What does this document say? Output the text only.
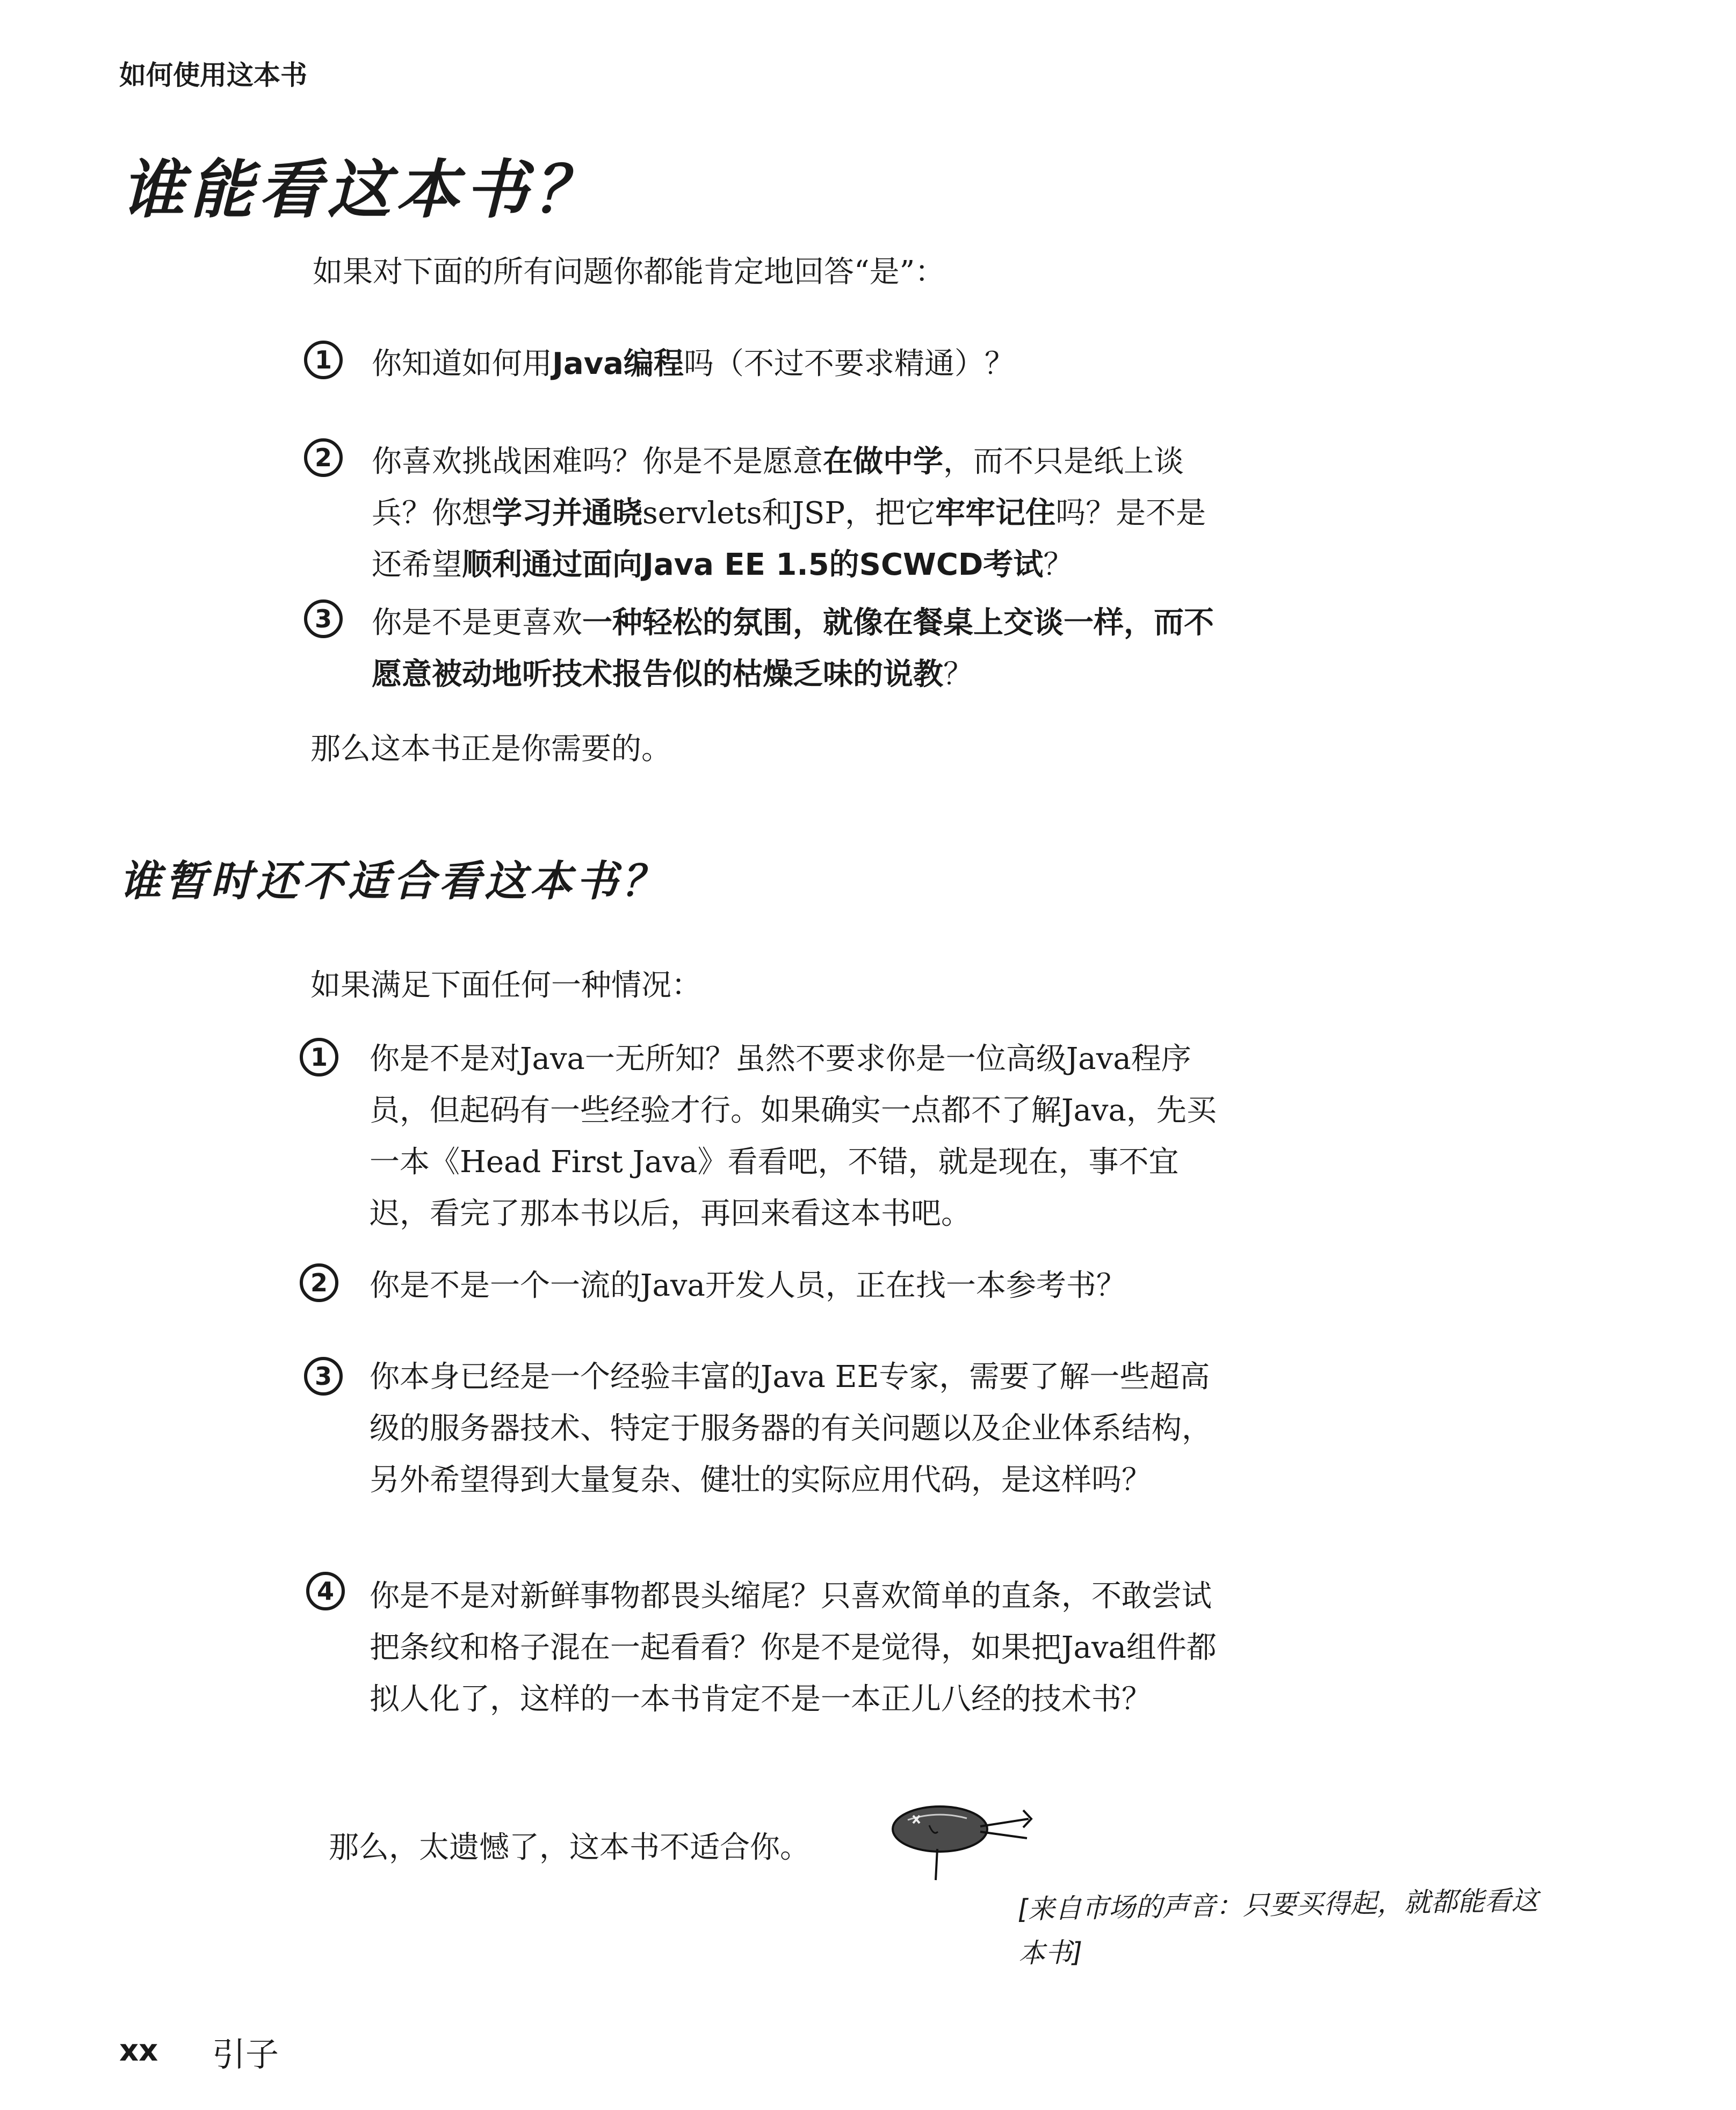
如何使用这本书
谁能看这本书？
如果对下面的所有问题你都能肯定地回答“是”：
1	你知道如何用Java编程吗（不过不要求精通）？
2	你喜欢挑战困难吗？你是不是愿意在做中学，而不只是纸上谈兵？你想学习并通晓servlets和JSP，把它牢牢记住吗？是不是还希望顺利通过面向Java EE 1.5的SCWCD考试？
3	你是不是更喜欢一种轻松的氛围，就像在餐桌上交谈一样，而不愿意被动地听技术报告似的枯燥乏味的说教？
那么这本书正是你需要的。
谁暂时还不适合看这本书？
如果满足下面任何一种情况：
1	你是不是对Java一无所知？虽然不要求你是一位高级Java程序员，但起码有一些经验才行。如果确实一点都不了解Java，先买一本《Head First Java》看看吧，不错，就是现在，事不宜迟，看完了那本书以后，再回来看这本书吧。
2	你是不是一个一流的Java开发人员，正在找一本参考书？
3	你本身已经是一个经验丰富的Java EE专家，需要了解一些超高级的服务器技术、特定于服务器的有关问题以及企业体系结构，另外希望得到大量复杂、健壮的实际应用代码，是这样吗？
4	你是不是对新鲜事物都畏头缩尾？只喜欢简单的直条，不敢尝试把条纹和格子混在一起看看？你是不是觉得，如果把Java组件都拟人化了，这样的一本书肯定不是一本正儿八经的技术书？
那么，太遗憾了，这本书不适合你。
[来自市场的声音：只要买得起，就都能看这本书]
xx 引子
